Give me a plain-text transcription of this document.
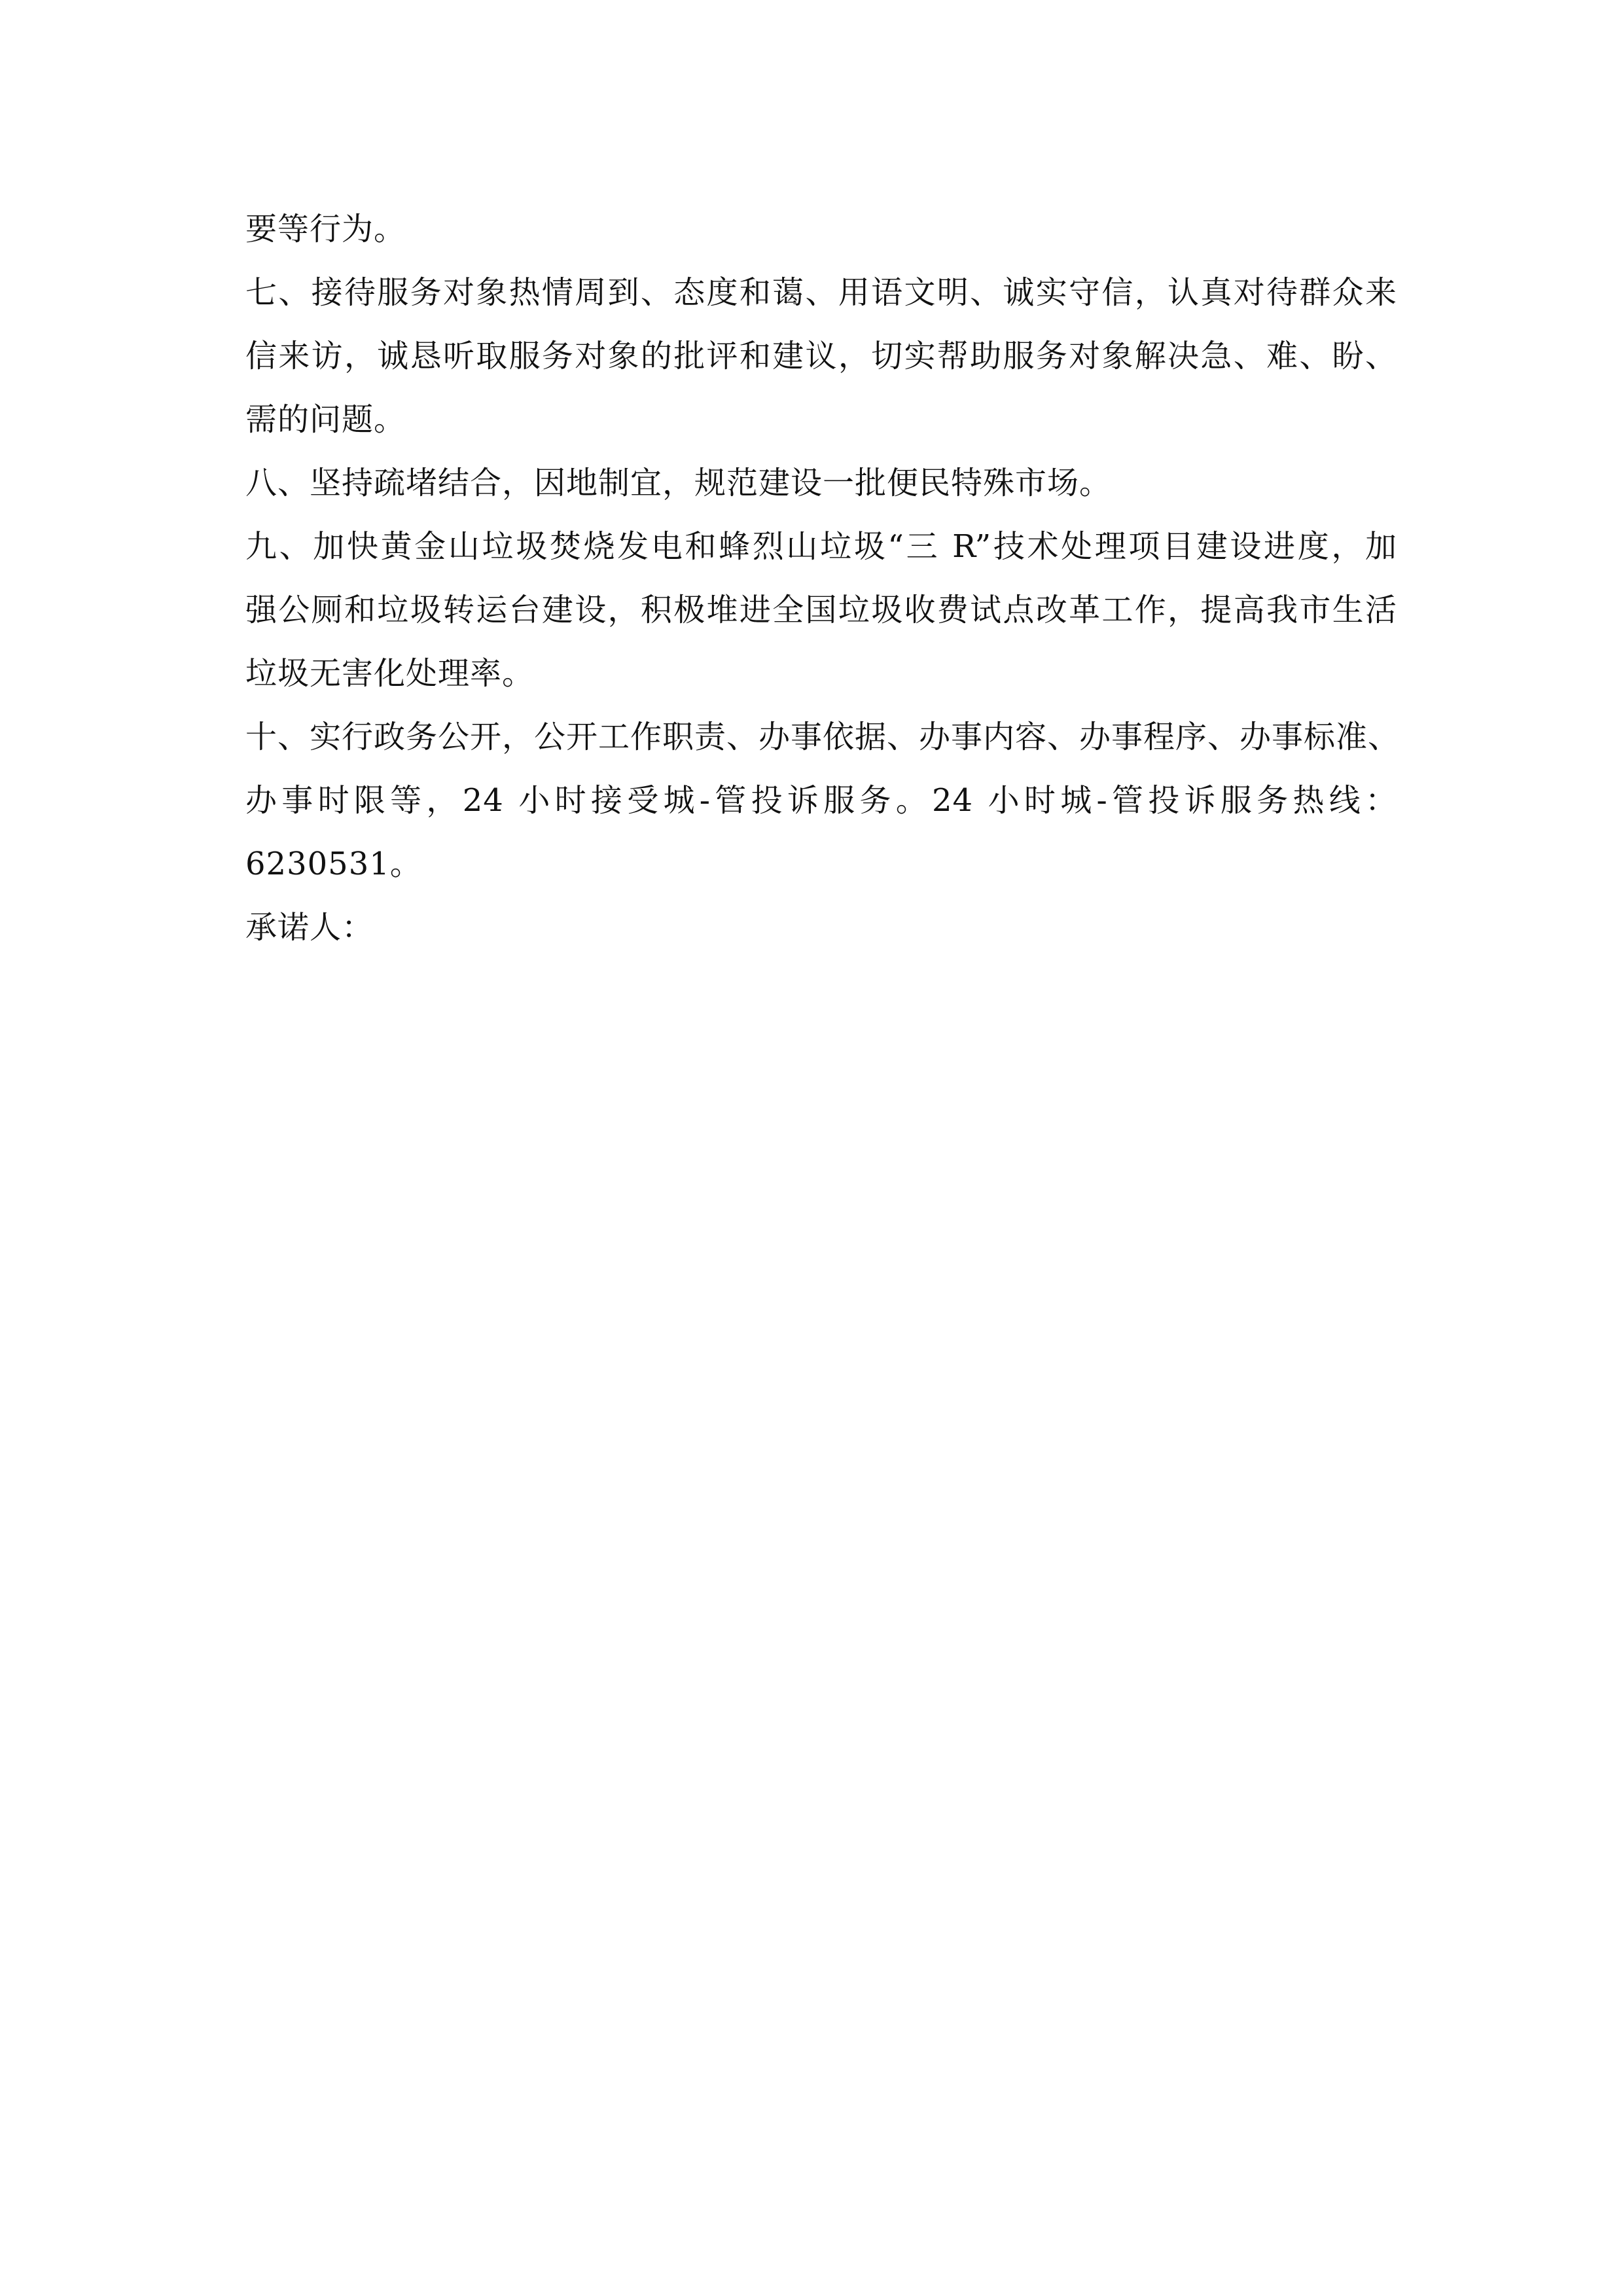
要等行为。
七、接待服务对象热情周到、态度和蔼、用语文明、诚实守信，认真对待群众来
信来访，诚恳听取服务对象的批评和建议，切实帮助服务对象解决急、难、盼、
需的问题。
八、坚持疏堵结合，因地制宜，规范建设一批便民特殊市场。
九、加快黄金山垃圾焚烧发电和蜂烈山垃圾“三 R”技术处理项目建设进度，加
强公厕和垃圾转运台建设，积极堆进全国垃圾收费试点改革工作，提高我市生活
垃圾无害化处理率。
十、实行政务公开，公开工作职责、办事依据、办事内容、办事程序、办事标准、
办事时限等，24 小时接受城-管投诉服务。24 小时城-管投诉服务热线：
6230531。
承诺人：
